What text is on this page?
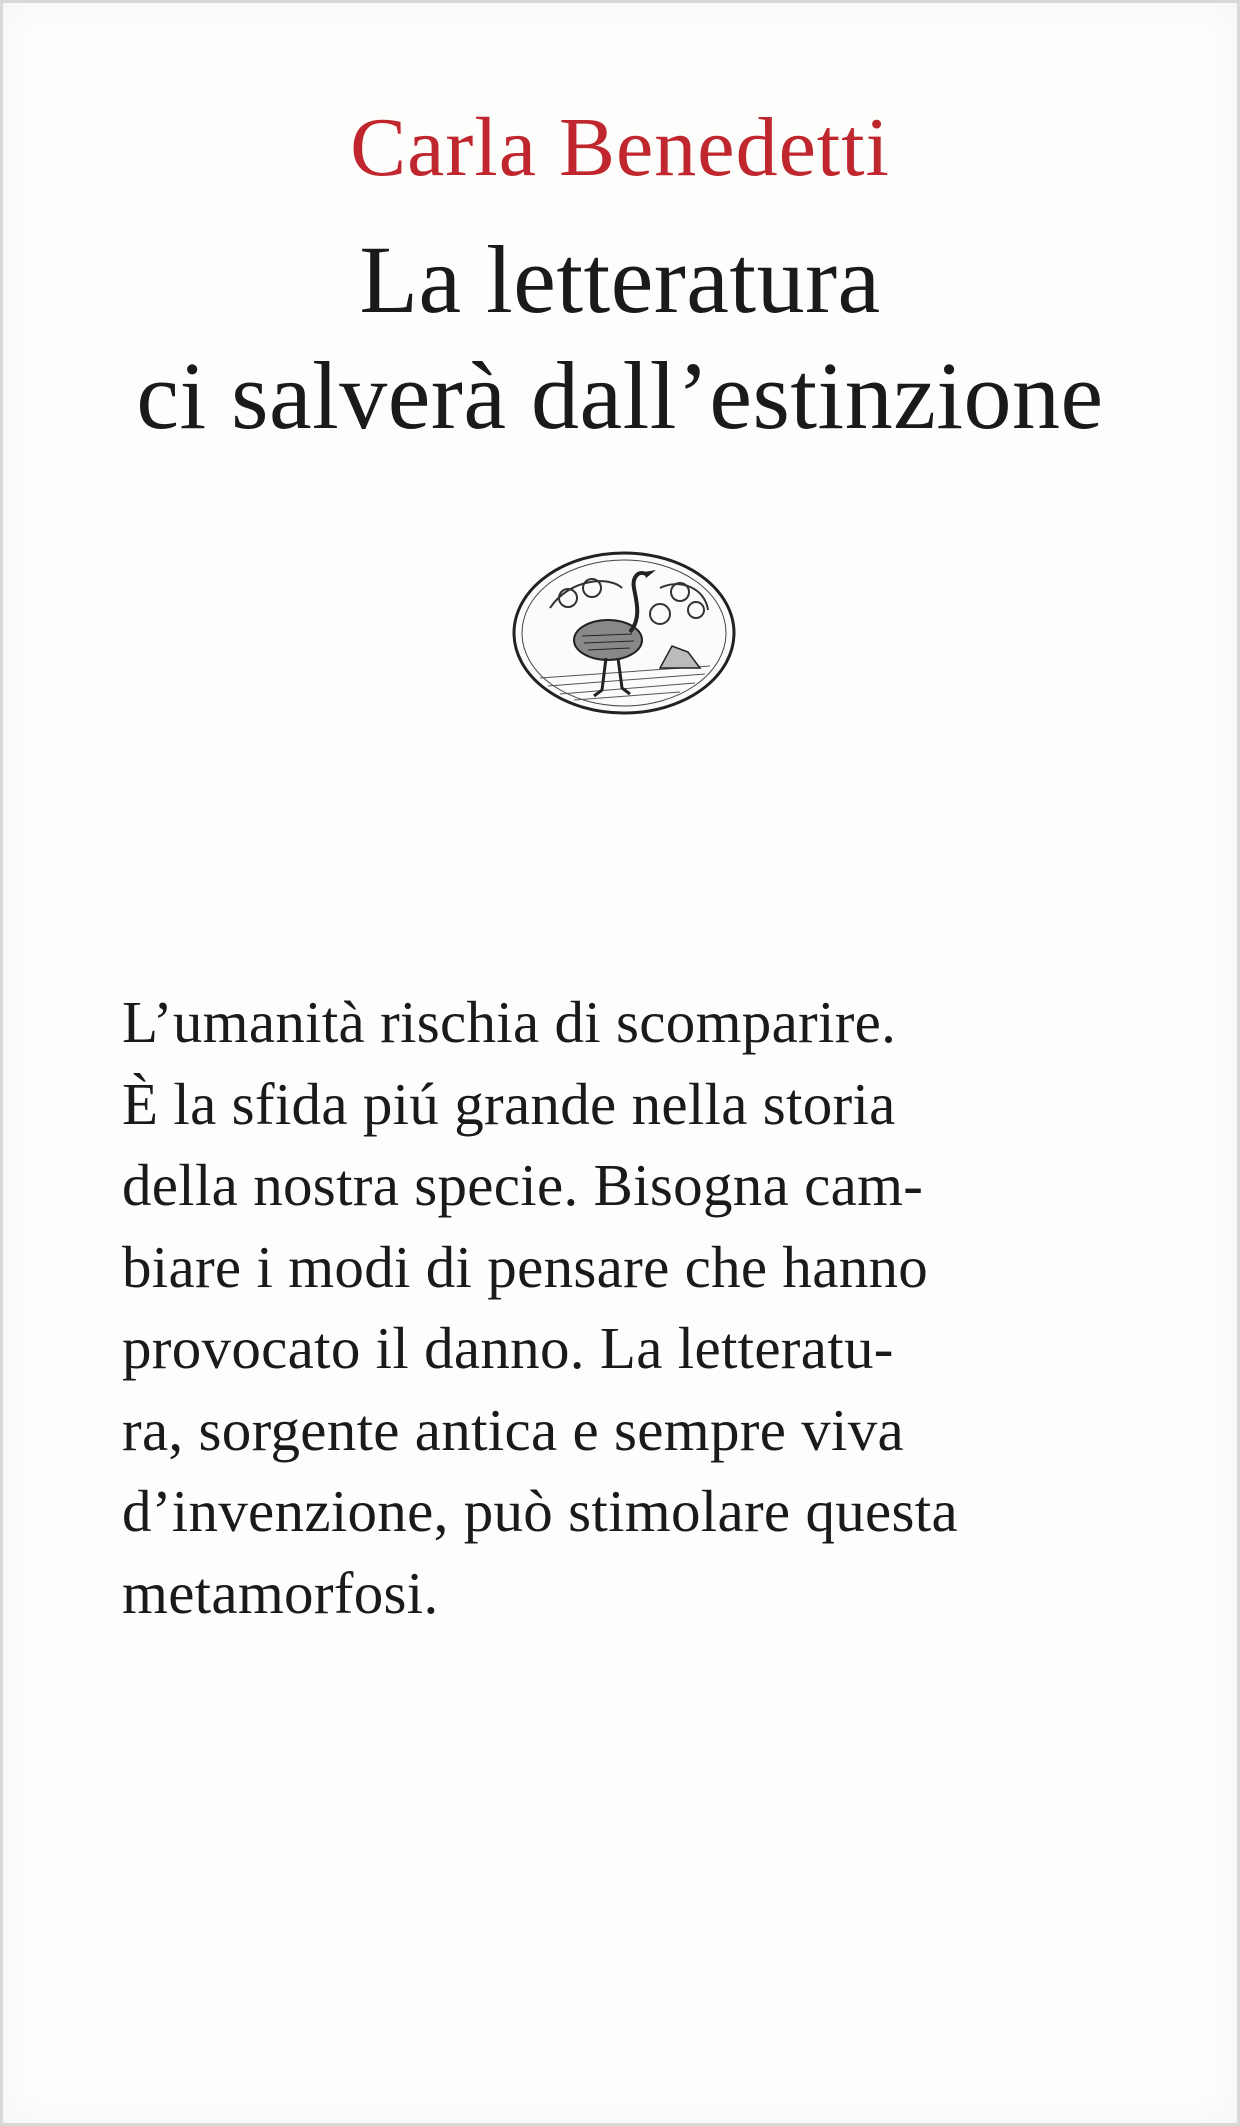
Carla Benedetti
La letteratura
ci salverà dall’estinzione
L’umanità rischia di scomparire.
È la sfida piú grande nella storia
della nostra specie. Bisogna cam-
biare i modi di pensare che hanno
provocato il danno. La letteratu-
ra, sorgente antica e sempre viva
d’invenzione, può stimolare questa
metamorfosi.
